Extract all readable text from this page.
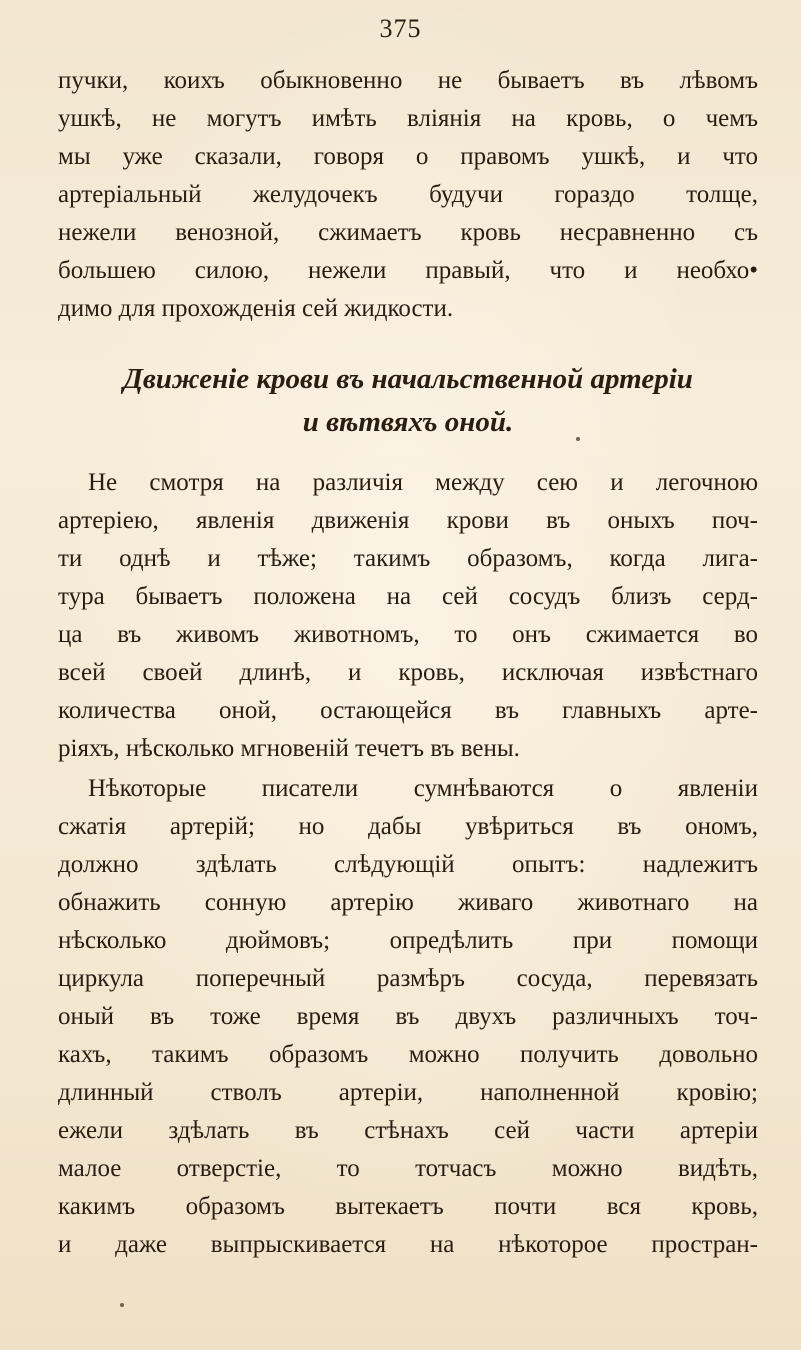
375
пучки, коихъ обыкновенно не бываетъ въ лѣвомъ
ушкѣ, не могутъ имѣть вліянія на кровь, о чемъ
мы уже сказали, говоря о правомъ ушкѣ, и что
артеріальный желудочекъ будучи гораздо толще,
нежели венозной, сжимаетъ кровь несравненно съ
большею силою, нежели правый, что и необхо•
димо для прохожденія сей жидкости.
Движеніе крови въ начальственной артеріи
и вѣтвяхъ оной.
Не смотря на различія между сею и легочною
артеріею, явленія движенія крови въ оныхъ поч-
ти однѣ и тѣже; такимъ образомъ, когда лига-
тура бываетъ положена на сей сосудъ близъ серд-
ца въ живомъ животномъ, то онъ сжимается во
всей своей длинѣ, и кровь, исключая извѣстнаго
количества оной, остающейся въ главныхъ арте-
ріяхъ, нѣсколько мгновеній течетъ въ вены.
Нѣкоторые писатели сумнѣваются о явленіи
сжатія артерій; но дабы увѣриться въ ономъ,
должно здѣлать слѣдующій опытъ: надлежитъ
обнажить сонную артерію живаго животнаго на
нѣсколько дюймовъ; опредѣлить при помощи
циркула поперечный размѣръ сосуда, перевязать
оный въ тоже время въ двухъ различныхъ точ-
кахъ, такимъ образомъ можно получить довольно
длинный стволъ артеріи, наполненной кровію;
ежели здѣлать въ стѣнахъ сей части артеріи
малое отверстіе, то тотчасъ можно видѣть,
какимъ образомъ вытекаетъ почти вся кровь,
и даже выпрыскивается на нѣкоторое простран-
